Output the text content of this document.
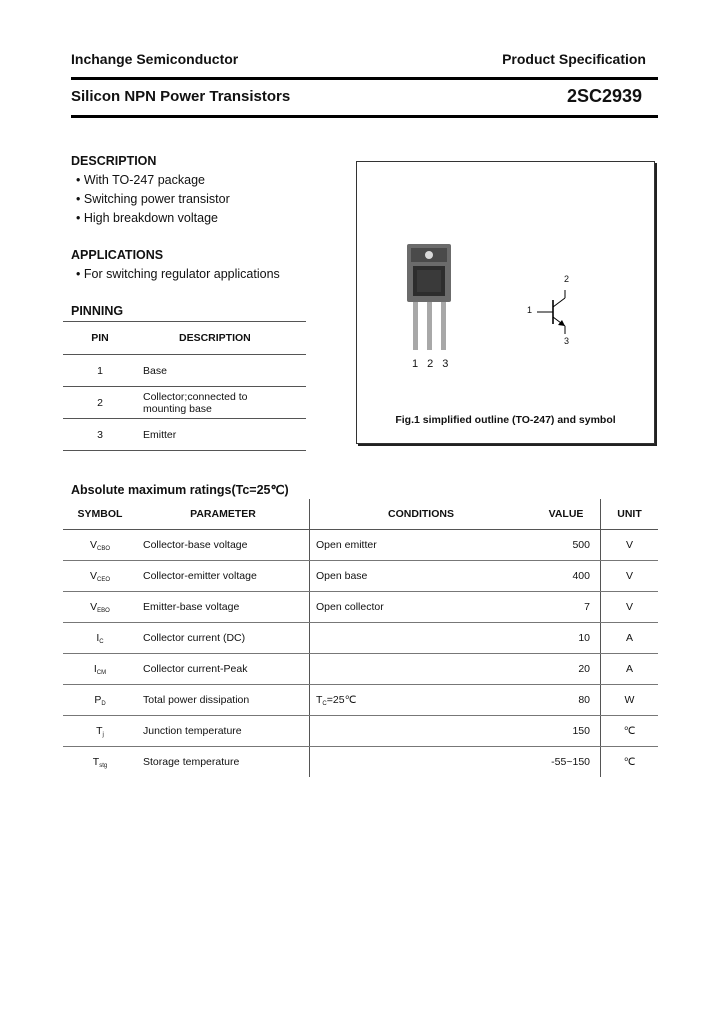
Inchange Semiconductor	Product Specification
Silicon NPN Power Transistors	2SC2939
DESCRIPTION
• With TO-247 package
• Switching power transistor
• High breakdown voltage
APPLICATIONS
• For switching regulator applications
PINNING
PIN	DESCRIPTION
1	Base
2	Collector;connected to mounting base
3	Emitter
123
1
2
3
Fig.1 simplified outline (TO-247) and symbol
Absolute maximum ratings(Tc=25℃)
SYMBOL	PARAMETER	CONDITIONS	VALUE	UNIT
$V_{CBO}$	Collector-base voltage	Open emitter	500	V
$V_{CEO}$	Collector-emitter voltage	Open base	400	V
$V_{EBO}$	Emitter-base voltage	Open collector	7	V
$I_C$	Collector current (DC)		10	A
$I_{CM}$	Collector current-Peak		20	A
$P_D$	Total power dissipation	$T_C=25℃$	80	W
$T_j$	Junction temperature		150	℃
$T_{stg}$	Storage temperature		-55~150	℃
